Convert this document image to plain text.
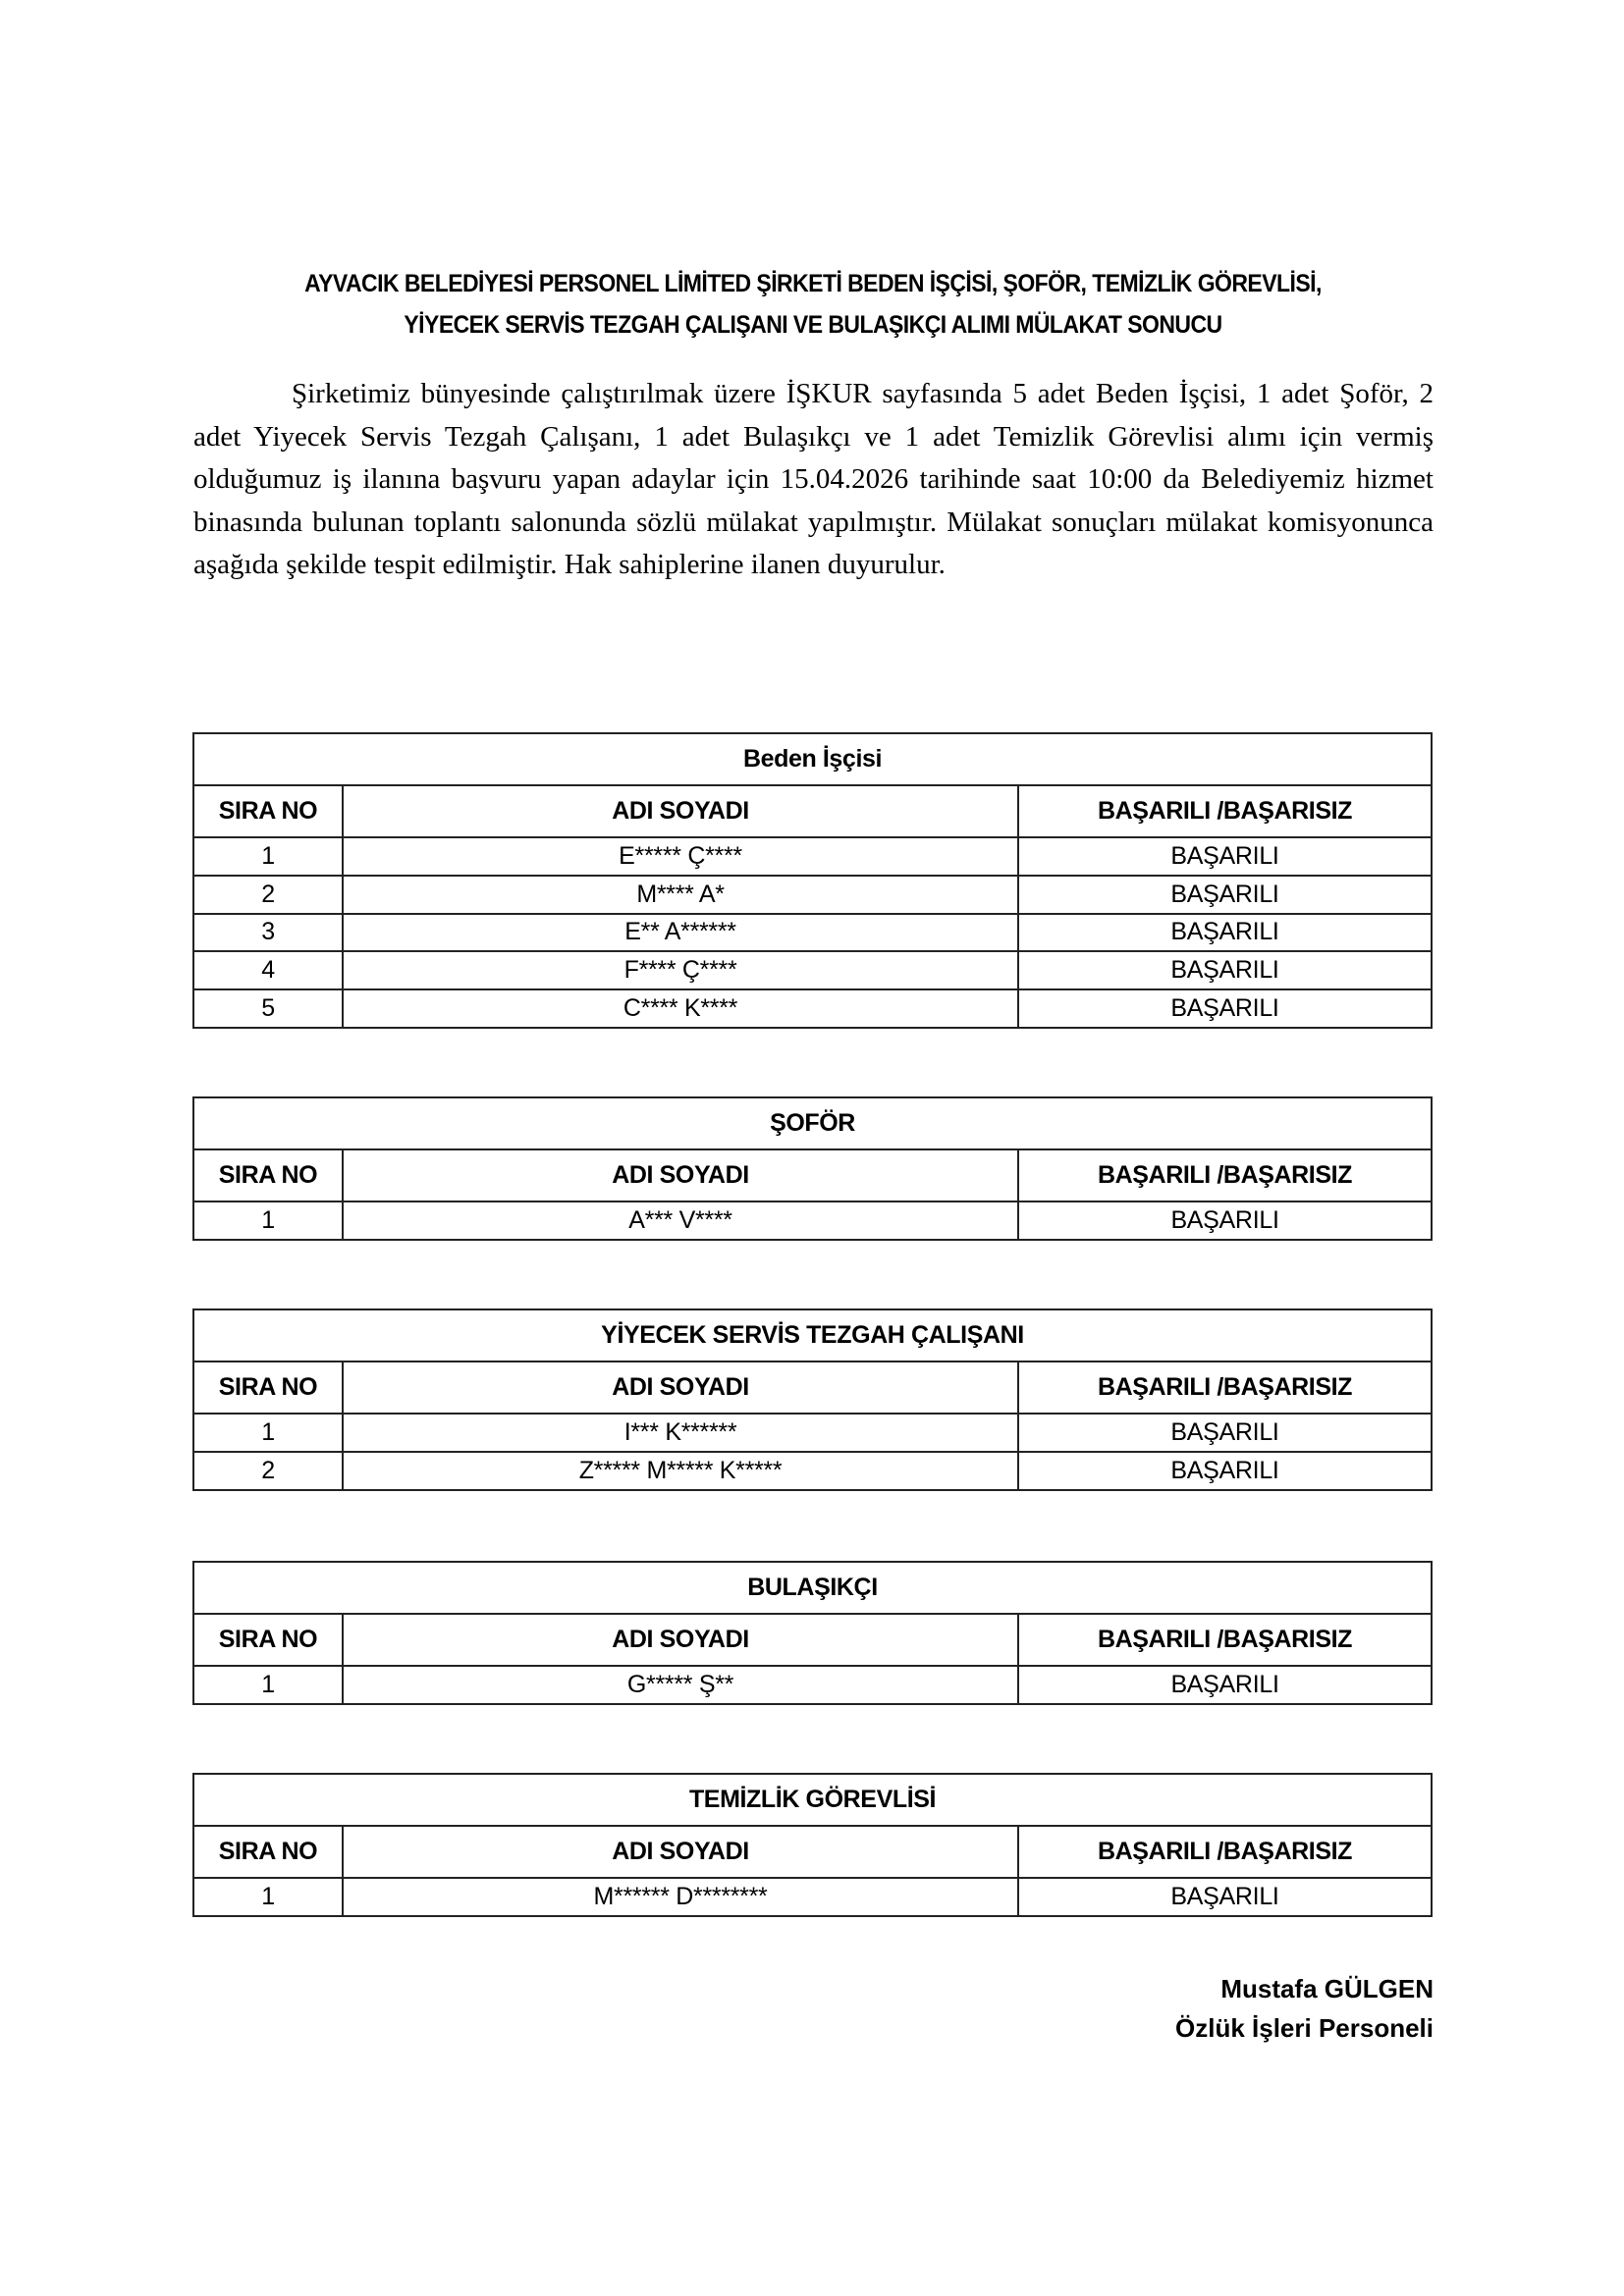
AYVACIK BELEDİYESİ PERSONEL LİMİTED ŞİRKETİ BEDEN İŞÇİSİ, ŞOFÖR, TEMİZLİK GÖREVLİSİ,
YİYECEK SERVİS TEZGAH ÇALIŞANI VE BULAŞIKÇI ALIMI MÜLAKAT SONUCU

Şirketimiz bünyesinde çalıştırılmak üzere İŞKUR sayfasında 5 adet Beden İşçisi, 1 adet Şoför, 2 adet Yiyecek Servis Tezgah Çalışanı, 1 adet Bulaşıkçı ve 1 adet Temizlik Görevlisi alımı için vermiş olduğumuz iş ilanına başvuru yapan adaylar için 15.04.2026 tarihinde saat 10:00 da Belediyemiz hizmet binasında bulunan toplantı salonunda sözlü mülakat yapılmıştır. Mülakat sonuçları mülakat komisyonunca aşağıda şekilde tespit edilmiştir. Hak sahiplerine ilanen duyurulur.

Beden İşçisi		
SIRA NO	ADI SOYADI	BAŞARILI /BAŞARISIZ
1	E***** Ç****	BAŞARILI
2	M**** A*	BAŞARILI
3	E** A******	BAŞARILI
4	F**** Ç****	BAŞARILI
5	C**** K****	BAŞARILI
ŞOFÖR		
SIRA NO	ADI SOYADI	BAŞARILI /BAŞARISIZ
1	A*** V****	BAŞARILI
YİYECEK SERVİS TEZGAH ÇALIŞANI		
SIRA NO	ADI SOYADI	BAŞARILI /BAŞARISIZ
1	I*** K******	BAŞARILI
2	Z***** M***** K*****	BAŞARILI
BULAŞIKÇI		
SIRA NO	ADI SOYADI	BAŞARILI /BAŞARISIZ
1	G***** Ş**	BAŞARILI
TEMİZLİK GÖREVLİSİ		
SIRA NO	ADI SOYADI	BAŞARILI /BAŞARISIZ
1	M****** D********	BAŞARILI
Mustafa GÜLGEN
Özlük İşleri Personeli
